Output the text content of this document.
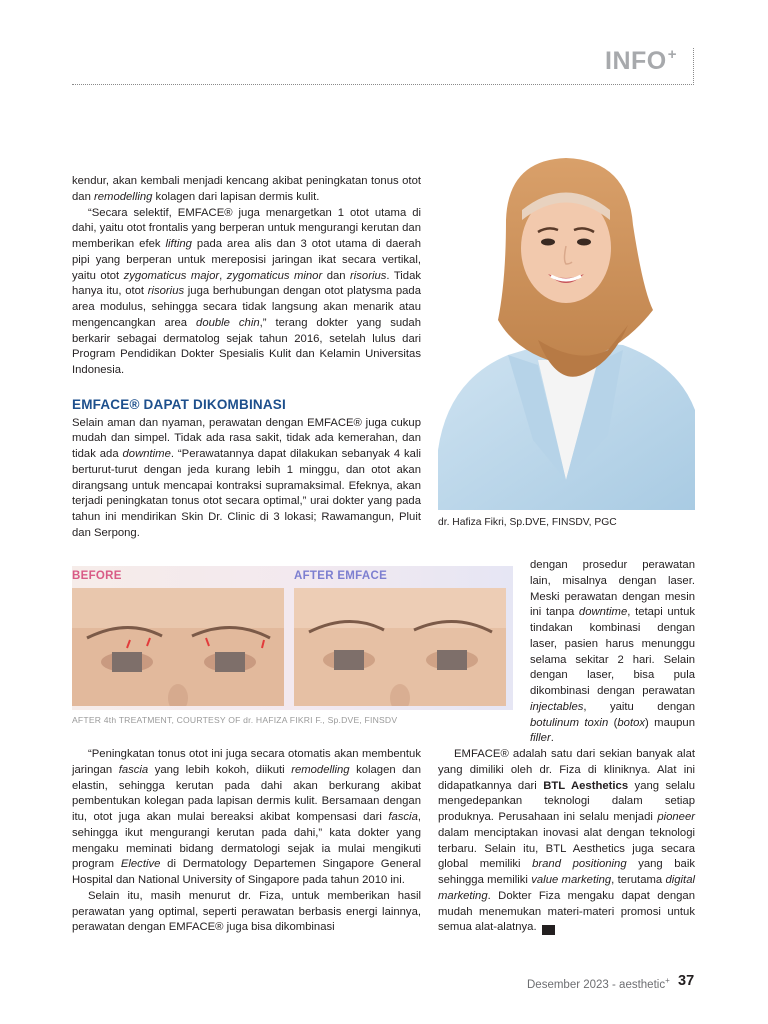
INFO+

kendur, akan kembali menjadi kencang akibat peningkatan tonus otot dan remodelling kolagen dari lapisan dermis kulit.

“Secara selektif, EMFACE® juga menargetkan 1 otot utama di dahi, yaitu otot frontalis yang berperan untuk mengurangi kerutan dan memberikan efek lifting pada area alis dan 3 otot utama di daerah pipi yang berperan untuk mereposisi jaringan ikat secara vertikal, yaitu otot zygomaticus major, zygomaticus minor dan risorius. Tidak hanya itu, otot risorius juga berhubungan dengan otot platysma pada area modulus, sehingga secara tidak langsung akan menarik atau mengencangkan area double chin,” terang dokter yang sudah berkarir sebagai dermatolog sejak tahun 2016, setelah lulus dari Program Pendidikan Dokter Spesialis Kulit dan Kelamin Universitas Indonesia.

EMFACE® DAPAT DIKOMBINASI

Selain aman dan nyaman, perawatan dengan EMFACE® juga cukup mudah dan simpel. Tidak ada rasa sakit, tidak ada kemerahan, dan tidak ada downtime. “Perawatannya dapat dilakukan sebanyak 4 kali berturut-turut dengan jeda kurang lebih 1 minggu, dan otot akan dirangsang untuk mencapai kontraksi supramaksimal. Efeknya, akan terjadi peningkatan tonus otot secara optimal,” urai dokter yang pada tahun ini mendirikan Skin Dr. Clinic di 3 lokasi; Rawamangun, Pluit dan Serpong.

dr. Hafiza Fikri, Sp.DVE, FINSDV, PGC
BEFORE	AFTER EMFACE
AFTER 4th TREATMENT, COURTESY OF dr. HAFIZA FIKRI F., Sp.DVE, FINSDV

dengan prosedur perawatan lain, misalnya dengan laser. Meski perawatan dengan mesin ini tanpa downtime, tetapi untuk tindakan kombinasi dengan laser, pasien harus menunggu selama sekitar 2 hari. Selain dengan laser, bisa pula dikombinasi dengan perawatan injectables, yaitu dengan botulinum toxin (botox) maupun filler.

“Peningkatan tonus otot ini juga secara otomatis akan membentuk jaringan fascia yang lebih kokoh, diikuti remodelling kolagen dan elastin, sehingga kerutan pada dahi akan berkurang akibat pembentukan kolegan pada lapisan dermis kulit. Bersamaan dengan itu, otot juga akan mulai bereaksi akibat kompensasi dari fascia, sehingga ikut mengurangi kerutan pada dahi,” kata dokter yang mengaku meminati bidang dermatologi sejak ia mulai mengikuti program Elective di Dermatology Departemen Singapore General Hospital dan National University of Singapore pada tahun 2010 ini.

Selain itu, masih menurut dr. Fiza, untuk memberikan hasil perawatan yang optimal, seperti perawatan berbasis energi lainnya, perawatan dengan EMFACE® juga bisa dikombinasi

EMFACE® adalah satu dari sekian banyak alat yang dimiliki oleh dr. Fiza di kliniknya. Alat ini didapatkannya dari BTL Aesthetics yang selalu mengedepankan teknologi dalam setiap produknya. Perusahaan ini selalu menjadi pioneer dalam menciptakan inovasi alat dengan teknologi terbaru. Selain itu, BTL Aesthetics juga secara global memiliki brand positioning yang baik sehingga memiliki value marketing, terutama digital marketing. Dokter Fiza mengaku dapat dengan mudah menemukan materi-materi promosi untuk semua alat-alatnya.	ET

Desember 2023 - aesthetic+ 37
